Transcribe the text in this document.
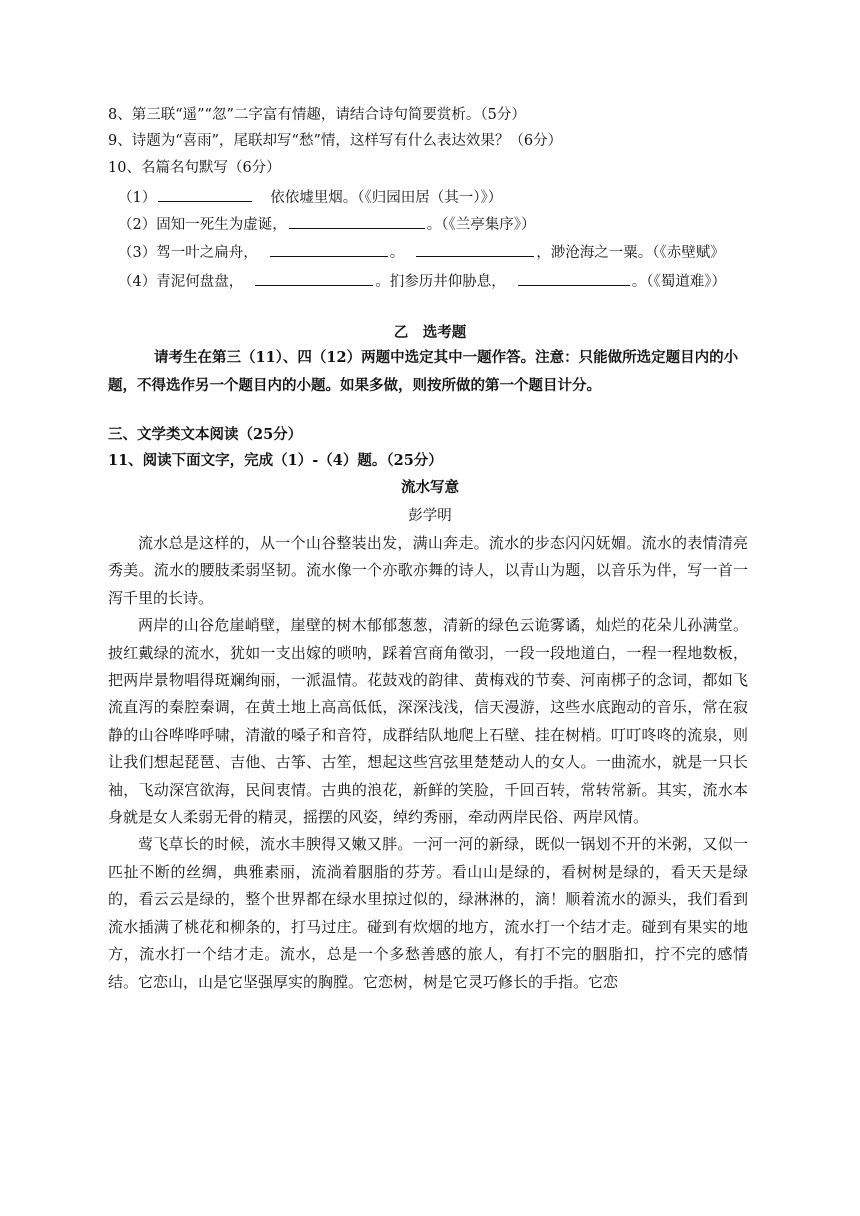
8、第三联“遥”“忽”二字富有情趣，请结合诗句简要赏析。（5分）
9、诗题为“喜雨”，尾联却写“愁”情，这样写有什么表达效果？（6分）
10、名篇名句默写（6分）
（1）	依依墟里烟。（《归园田居（其一）》）
（2）固知一死生为虚诞，	。（《兰亭集序》）
（3）驾一叶之扁舟，	。	，渺沧海之一粟。（《赤壁赋》
（4）青泥何盘盘，	。扪参历井仰胁息，	。（《蜀道难》）
乙　选考题

请考生在第三（11）、四（12）两题中选定其中一题作答。注意：只能做所选定题目内的小题，不得选作另一个题目内的小题。如果多做，则按所做的第一个题目计分。

三、文学类文本阅读（25分）
11、阅读下面文字，完成（1）-（4）题。（25分）
流水写意
彭学明

流水总是这样的，从一个山谷整装出发，满山奔走。流水的步态闪闪妩媚。流水的表情清亮秀美。流水的腰肢柔弱坚韧。流水像一个亦歌亦舞的诗人，以青山为题，以音乐为伴，写一首一泻千里的长诗。

两岸的山谷危崖峭壁，崖壁的树木郁郁葱葱，清新的绿色云诡雾谲，灿烂的花朵儿孙满堂。披红戴绿的流水，犹如一支出嫁的唢呐，踩着宫商角徵羽，一段一段地道白，一程一程地数板，把两岸景物唱得斑斓绚丽，一派温情。花鼓戏的韵律、黄梅戏的节奏、河南梆子的念词，都如飞流直泻的秦腔秦调，在黄土地上高高低低，深深浅浅，信天漫游，这些水底跑动的音乐，常在寂静的山谷哗哗呼啸，清澈的嗓子和音符，成群结队地爬上石壁、挂在树梢。叮叮咚咚的流泉，则让我们想起琵琶、吉他、古筝、古笙，想起这些宫弦里楚楚动人的女人。一曲流水，就是一只长袖，飞动深宫欲海，民间衷情。古典的浪花，新鲜的笑脸，千回百转，常转常新。其实，流水本身就是女人柔弱无骨的精灵，摇摆的风姿，绰约秀丽，牵动两岸民俗、两岸风情。

莺飞草长的时候，流水丰腴得又嫩又胖。一河一河的新绿，既似一锅划不开的米粥，又似一匹扯不断的丝绸，典雅素丽，流淌着胭脂的芬芳。看山山是绿的，看树树是绿的，看天天是绿的，看云云是绿的，整个世界都在绿水里掠过似的，绿淋淋的，滴！顺着流水的源头，我们看到流水插满了桃花和柳条的，打马过庄。碰到有炊烟的地方，流水打一个结才走。碰到有果实的地方，流水打一个结才走。流水，总是一个多愁善感的旅人，有打不完的胭脂扣，拧不完的感情结。它恋山，山是它坚强厚实的胸膛。它恋树，树是它灵巧修长的手指。它恋
